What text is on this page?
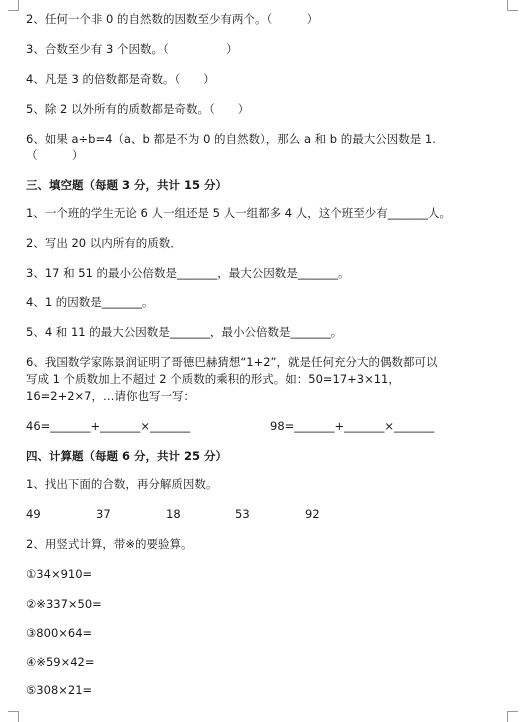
2、任何一个非 0 的自然数的因数至少有两个。（　　　）
3、合数至少有 3 个因数。（　　　　　）
4、凡是 3 的倍数都是奇数。（　　）
5、除 2 以外所有的质数都是奇数。（　　）
6、如果 a÷b=4（a、b 都是不为 0 的自然数），那么 a 和 b 的最大公因数是 1.
（　　　）
三、填空题（每题 3 分，共计 15 分）
1、一个班的学生无论 6 人一组还是 5 人一组都多 4 人，这个班至少有_______人。
2、写出 20 以内所有的质数．
3、17 和 51 的最小公倍数是_______，最大公因数是_______。
4、1 的因数是_______。
5、4 和 11 的最大公因数是_______，最小公倍数是_______。
6、我国数学家陈景润证明了哥德巴赫猜想“1+2”，就是任何充分大的偶数都可以
写成 1 个质数加上不超过 2 个质数的乘积的形式。如：50=17+3×11，
16=2+2×7，…请你也写一写：
46=_______+_______×_______	98=_______+_______×_______
四、计算题（每题 6 分，共计 25 分）
1、找出下面的合数，再分解质因数。
49	37	18	53	92
2、用竖式计算，带※的要验算。
①34×910=
②※337×50=
③800×64=
④※59×42=
⑤308×21=
